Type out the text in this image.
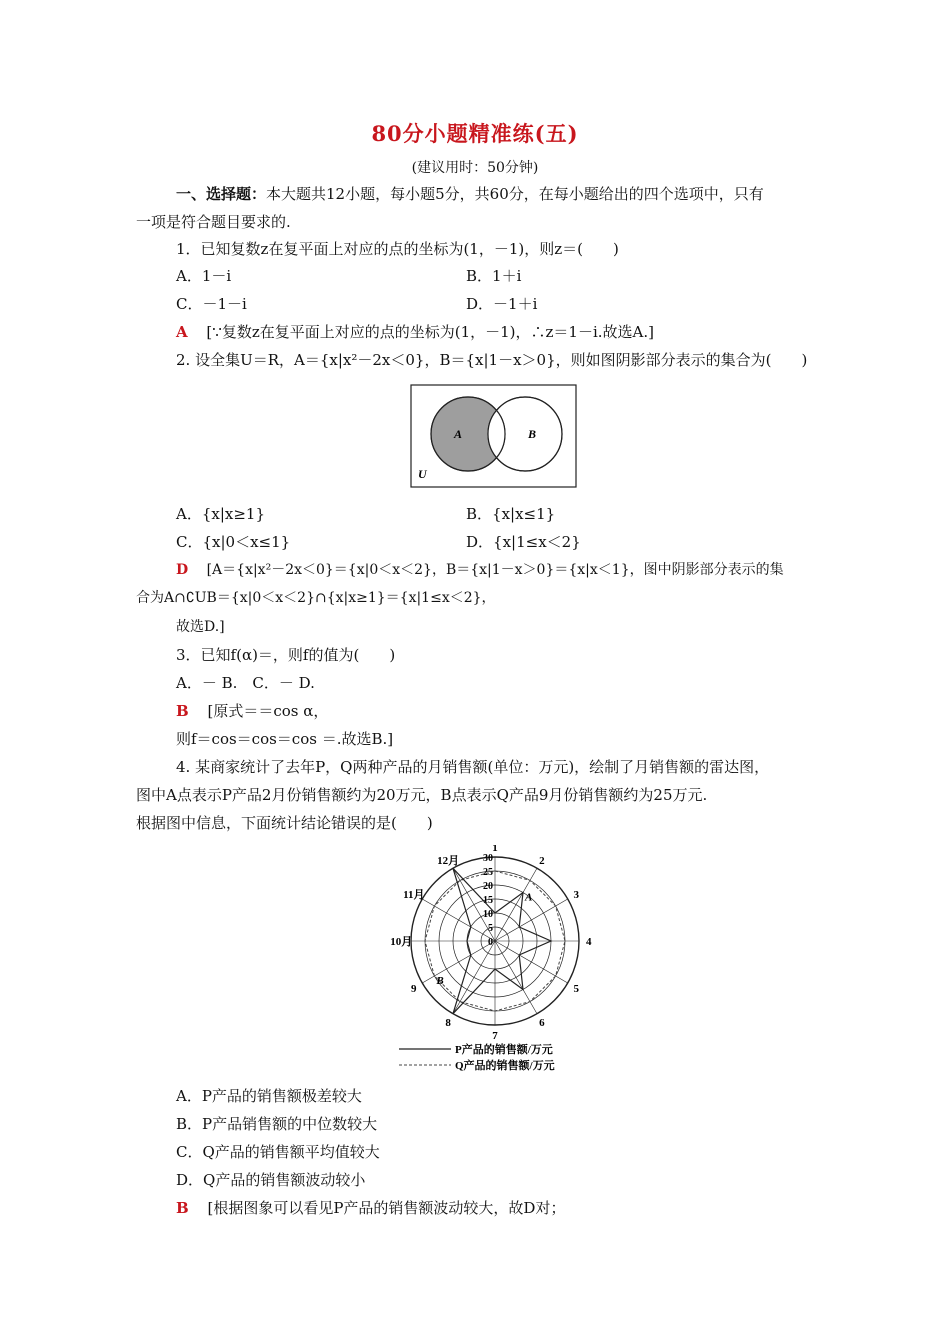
80分小题精准练(五)
(建议用时：50分钟)
一、选择题：本大题共12小题，每小题5分，共60分，在每小题给出的四个选项中，只有
一项是符合题目要求的.
1．已知复数z在复平面上对应的点的坐标为(1，－1)，则z＝(　　)
A．1－i	B．1＋i
C．－1－i	D．－1＋i
A [∵复数z在复平面上对应的点的坐标为(1，－1)，∴z＝1－i.故选A.]
2. 设全集U＝R，A＝{x|x²－2x＜0}，B＝{x|1－x＞0}，则如图阴影部分表示的集合为(　　)
A	B
U
A．{x|x≥1}	B．{x|x≤1}
C．{x|0＜x≤1}	D．{x|1≤x＜2}
D [A＝{x|x²－2x＜0}＝{x|0＜x＜2}，B＝{x|1－x＞0}＝{x|x＜1}，图中阴影部分表示的集
合为A∩∁UB＝{x|0＜x＜2}∩{x|x≥1}＝{x|1≤x＜2}，
故选D.]
3．已知f(α)＝，则f的值为(　　)
A．－ B.　C．－ D.
B [原式＝＝cos α，
则f＝cos＝cos＝cos ＝.故选B.]
4. 某商家统计了去年P，Q两种产品的月销售额(单位：万元)，绘制了月销售额的雷达图，
图中A点表示P产品2月份销售额约为20万元，B点表示Q产品9月份销售额约为25万元.
根据图中信息，下面统计结论错误的是(　　)
0
5
10
15
20
25
30
1
2
3
4
5
6
7
8
9
10月
11月
12月
A
B
P产品的销售额/万元
Q产品的销售额/万元
A．P产品的销售额极差较大
B．P产品销售额的中位数较大
C．Q产品的销售额平均值较大
D．Q产品的销售额波动较小
B [根据图象可以看见P产品的销售额波动较大，故D对；
